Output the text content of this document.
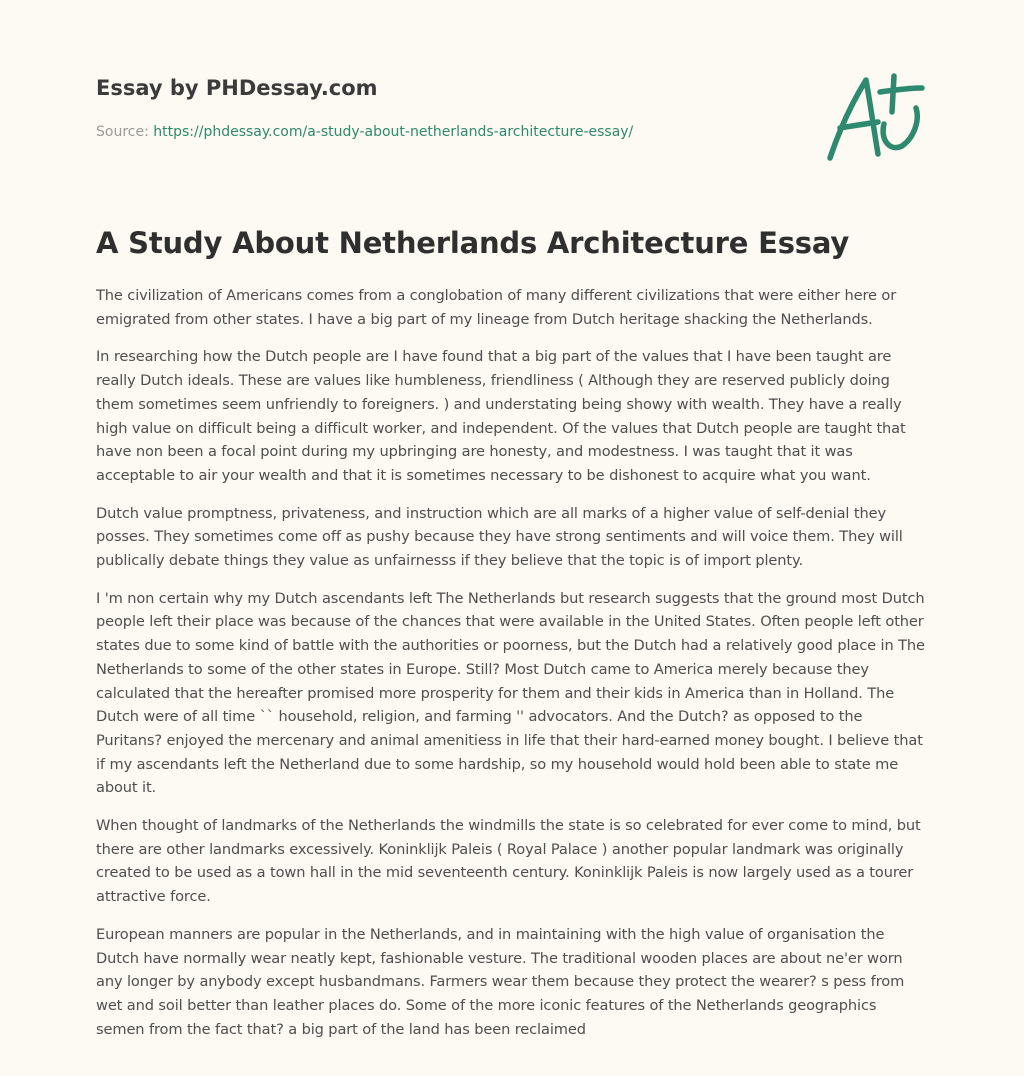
Essay by PHDessay.com
Source: https://phdessay.com/a-study-about-netherlands-architecture-essay/
A Study About Netherlands Architecture Essay

The civilization of Americans comes from a conglobation of many different civilizations that were either here or emigrated from other states. I have a big part of my lineage from Dutch heritage shacking the Netherlands.

In researching how the Dutch people are I have found that a big part of the values that I have been taught are really Dutch ideals. These are values like humbleness, friendliness ( Although they are reserved publicly doing them sometimes seem unfriendly to foreigners. ) and understating being showy with wealth. They have a really high value on difficult being a difficult worker, and independent. Of the values that Dutch people are taught that have non been a focal point during my upbringing are honesty, and modestness. I was taught that it was acceptable to air your wealth and that it is sometimes necessary to be dishonest to acquire what you want.

Dutch value promptness, privateness, and instruction which are all marks of a higher value of self-denial they posses. They sometimes come off as pushy because they have strong sentiments and will voice them. They will publically debate things they value as unfairnesss if they believe that the topic is of import plenty.

I 'm non certain why my Dutch ascendants left The Netherlands but research suggests that the ground most Dutch people left their place was because of the chances that were available in the United States. Often people left other states due to some kind of battle with the authorities or poorness, but the Dutch had a relatively good place in The Netherlands to some of the other states in Europe. Still? Most Dutch came to America merely because they calculated that the hereafter promised more prosperity for them and their kids in America than in Holland. The Dutch were of all time `` household, religion, and farming '' advocators. And the Dutch? as opposed to the Puritans? enjoyed the mercenary and animal amenitiess in life that their hard-earned money bought. I believe that if my ascendants left the Netherland due to some hardship, so my household would hold been able to state me about it.

When thought of landmarks of the Netherlands the windmills the state is so celebrated for ever come to mind, but there are other landmarks excessively. Koninklijk Paleis ( Royal Palace ) another popular landmark was originally created to be used as a town hall in the mid seventeenth century. Koninklijk Paleis is now largely used as a tourer attractive force.

European manners are popular in the Netherlands, and in maintaining with the high value of organisation the Dutch have normally wear neatly kept, fashionable vesture. The traditional wooden places are about ne'er worn any longer by anybody except husbandmans. Farmers wear them because they protect the wearer? s pess from wet and soil better than leather places do. Some of the more iconic features of the Netherlands geographics semen from the fact that? a big part of the land has been reclaimed
